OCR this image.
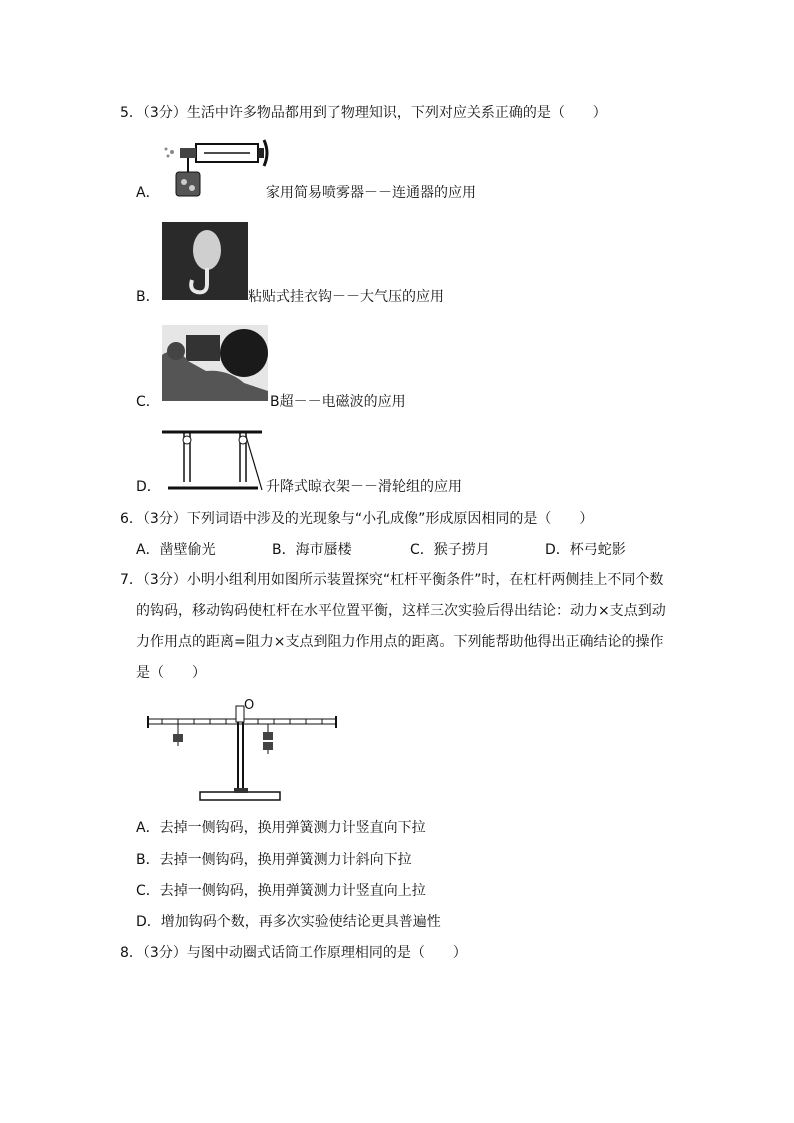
5．（3分）生活中许多物品都用到了物理知识，下列对应关系正确的是（　　）
A．	家用简易喷雾器－－连通器的应用
B．	粘贴式挂衣钩－－大气压的应用
C．	B超－－电磁波的应用
D．	升降式晾衣架－－滑轮组的应用
6．（3分）下列词语中涉及的光现象与“小孔成像”形成原因相同的是（　　）
A．凿壁偷光	B．海市蜃楼	C．猴子捞月	D．杯弓蛇影
7．（3分）小明小组利用如图所示装置探究“杠杆平衡条件”时，在杠杆两侧挂上不同个数
的钩码，移动钩码使杠杆在水平位置平衡，这样三次实验后得出结论：动力×支点到动
力作用点的距离=阻力×支点到阻力作用点的距离。下列能帮助他得出正确结论的操作
是（　　）
O
A．去掉一侧钩码，换用弹簧测力计竖直向下拉
B．去掉一侧钩码，换用弹簧测力计斜向下拉
C．去掉一侧钩码，换用弹簧测力计竖直向上拉
D．增加钩码个数，再多次实验使结论更具普遍性
8．（3分）与图中动圈式话筒工作原理相同的是（　　）
